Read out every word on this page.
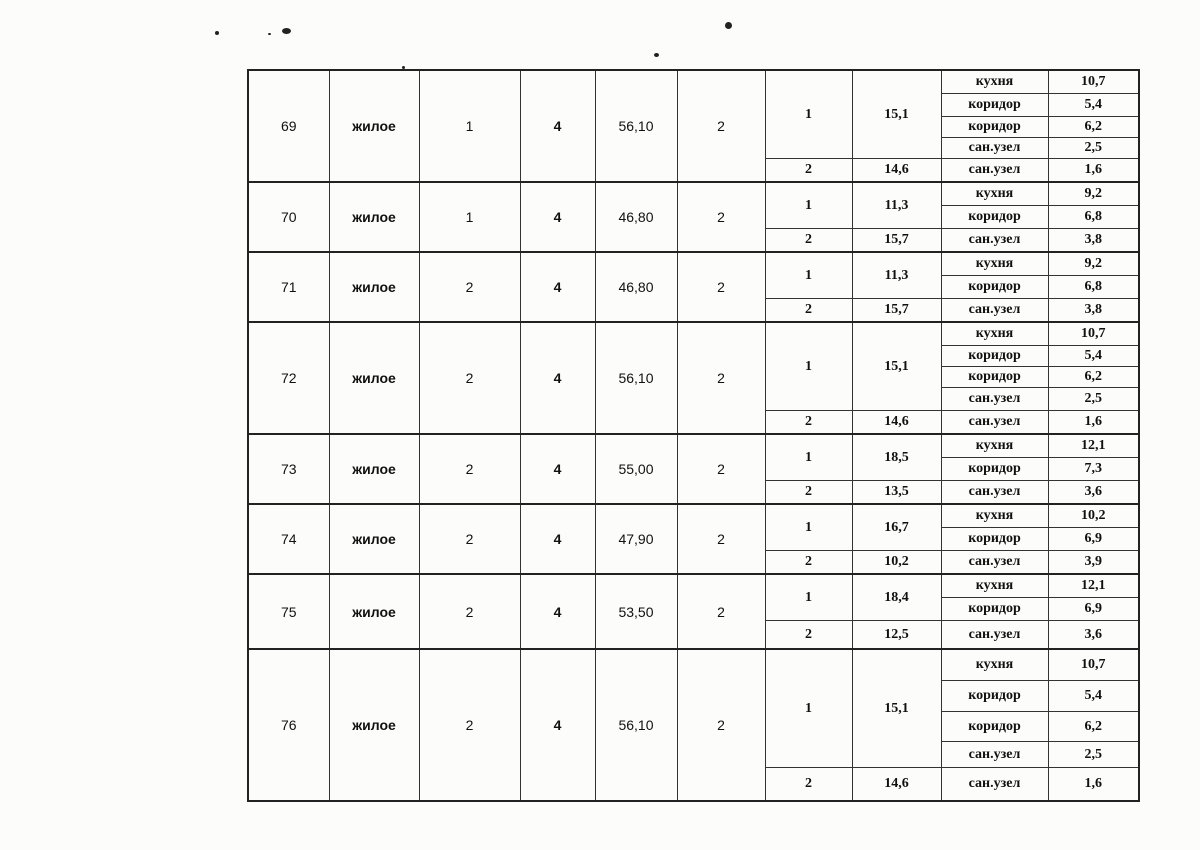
69	жилое	1	4	56,10	2	1	15,1	кухня	10,7
								коридор	5,4
								коридор	6,2
								сан.узел	2,5
						2	14,6	сан.узел	1,6
70	жилое	1	4	46,80	2	1	11,3	кухня	9,2
								коридор	6,8
						2	15,7	сан.узел	3,8
71	жилое	2	4	46,80	2	1	11,3	кухня	9,2
								коридор	6,8
						2	15,7	сан.узел	3,8
72	жилое	2	4	56,10	2	1	15,1	кухня	10,7
								коридор	5,4
								коридор	6,2
								сан.узел	2,5
						2	14,6	сан.узел	1,6
73	жилое	2	4	55,00	2	1	18,5	кухня	12,1
								коридор	7,3
						2	13,5	сан.узел	3,6
74	жилое	2	4	47,90	2	1	16,7	кухня	10,2
								коридор	6,9
						2	10,2	сан.узел	3,9
75	жилое	2	4	53,50	2	1	18,4	кухня	12,1
								коридор	6,9
						2	12,5	сан.узел	3,6
76	жилое	2	4	56,10	2	1	15,1	кухня	10,7
								коридор	5,4
								коридор	6,2
								сан.узел	2,5
						2	14,6	сан.узел	1,6
